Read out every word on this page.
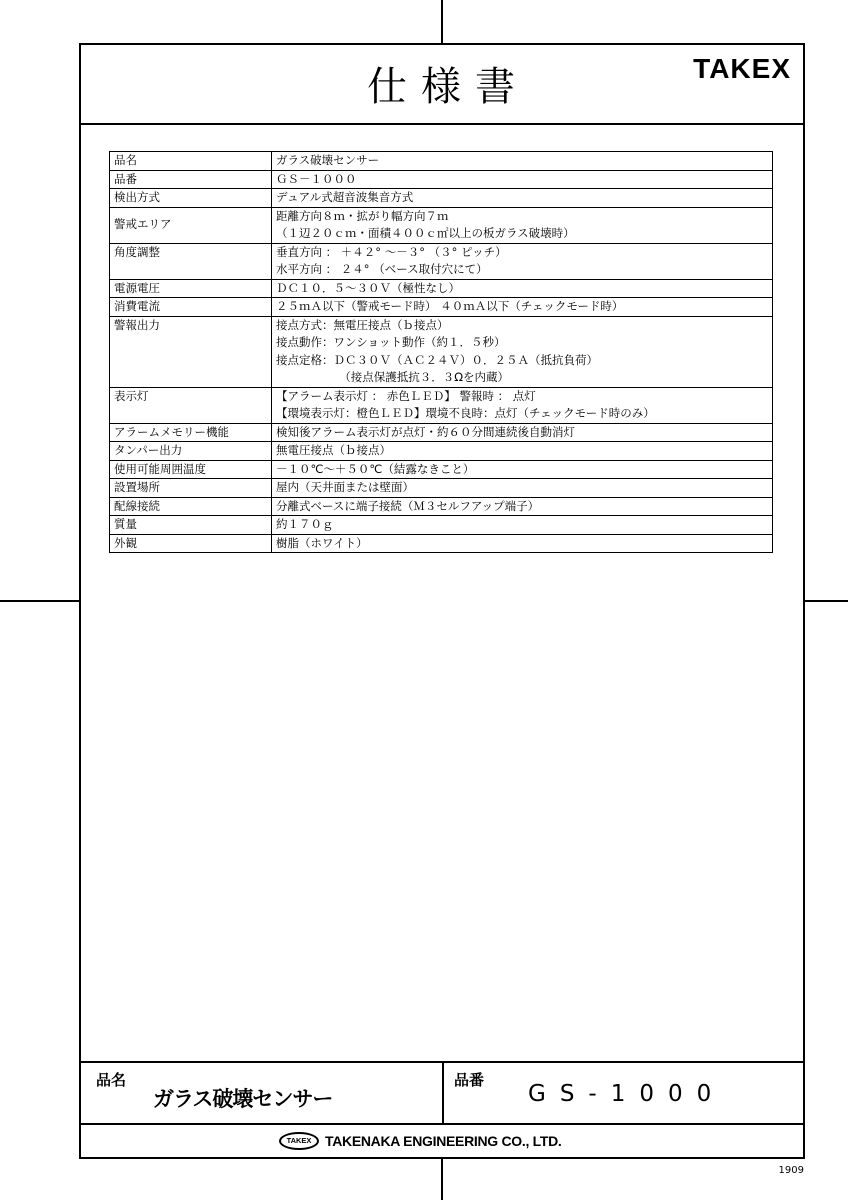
仕様書	TAKEX
品名	ガラス破壊センサー

品番	ＧＳ－１０００

検出方式	デュアル式超音波集音方式

警戒エリア	距離方向８ｍ・拡がり幅方向７ｍ
（１辺２０ｃｍ・面積４００ｃ㎡以上の板ガラス破壊時）

角度調整	垂直方向 ： ＋４２° ～－３° （３° ピッチ）
水平方向 ： ２４° （ベース取付穴にて）

電源電圧	ＤＣ１０．５～３０Ｖ（極性なし）

消費電流	２５ｍＡ以下（警戒モード時） ４０ｍＡ以下（チェックモード時）

警報出力	接点方式：無電圧接点（ｂ接点）
接点動作：ワンショット動作（約１．５秒）
接点定格：ＤＣ３０Ｖ（ＡＣ２４Ｖ）０．２５Ａ（抵抗負荷）
　　　　　　（接点保護抵抗３．３Ωを内蔵）

表示灯	【アラーム表示灯 ： 赤色ＬＥＤ】 警報時 ： 点灯
【環境表示灯：橙色ＬＥＤ】環境不良時：点灯（チェックモード時のみ）

アラームメモリー機能	検知後アラーム表示灯が点灯・約６０分間連続後自動消灯

タンパー出力	無電圧接点（ｂ接点）

使用可能周囲温度	－１０℃～＋５０℃（結露なきこと）

設置場所	屋内（天井面または壁面）

配線接続	分離式ベースに端子接続（Ｍ３セルフアップ端子）

質量	約１７０ｇ

外観	樹脂（ホワイト）
品名
ガラス破壊センサー
品番
GS-1000
TAKEX TAKENAKA ENGINEERING CO., LTD.
1909
